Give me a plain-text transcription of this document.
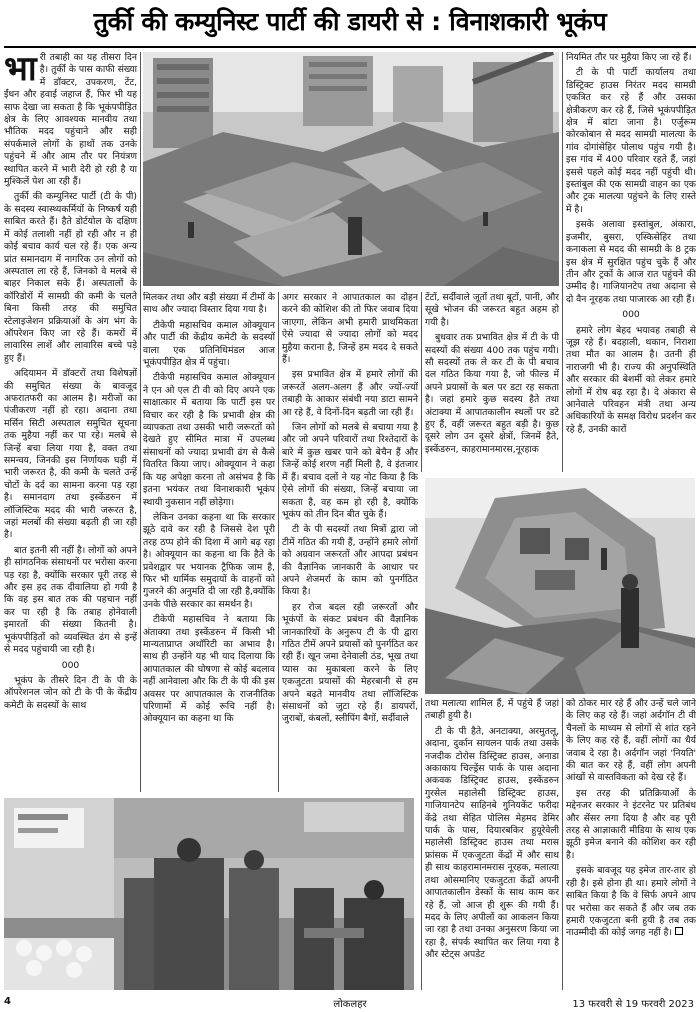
तुर्की की कम्युनिस्ट पार्टी की डायरी से : विनाशकारी भूकंप

भारी तबाही का यह तीसरा दिन है। तुर्की के पास काफी संख्या में डॉक्टर, उपकरण, टेंट, ईंधन और हवाई जहाज हैं, फिर भी यह साफ देखा जा सकता है कि भूकंपपीड़ित क्षेत्र के लिए आवश्यक मानवीय तथा भौतिक मदद पहुंचाने और सही संपर्कमाले लोगों के हाथों तक उनके पहुंचने में और आम तौर पर नियंत्रण स्थापित करने में भारी देरी हो रही है या मुश्किलें पेश आ रही हैं।

तुर्की की कम्युनिस्ट पार्टी (टी के पी) के सदस्य स्वास्थ्यकर्मियों के निष्कर्ष यही साबित करते हैं। हैते डोर्टयोल के दक्षिण में कोई तलाशी नहीं हो रही और न ही कोई बचाव कार्य चल रहे हैं। एक अन्य प्रांत समानदाग में नागरिक उन लोगों को अस्पताल ला रहे हैं, जिनको वे मलबे से बाहर निकाल सके हैं। अस्पतालों के कॉरिडोरों में सामग्री की कमी के चलते बिना किसी तरह की समुचित स्टेलाइजेशन प्रक्रियाओं के अंग भंग के ऑपरेशन किए जा रहे हैं। कमरों में लावारिस लाशें और लावारिस बच्चे पड़े हुए हैं।

अदियामन में डॉक्टरों तथा विशेषज्ञों की समुचित संख्या के बावजूद अफरातफरी का आलम है। मरीजों का पंजीकरण नहीं हो रहा। अदाना तथा मर्सिन सिटी अस्पताल समुचित सूचना तक मुहैया नहीं कर पा रहे। मलबे से जिन्हें बचा लिया गया है, वक्त तथा समन्वय, जिनकी इस निर्णायक घड़ी में भारी जरूरत है, की कमी के चलते उन्हें चोटों के दर्द का सामना करना पड़ रहा है। समानदाग तथा इस्केंडरुन में लॉजिस्टिक मदद की भारी जरूरत है, जहां मलबों की संख्या बढ़ती ही जा रही है।

बात इतनी सी नहीं है। लोगों को अपने ही सांगठनिक संसाधनों पर भरोसा करना पड़ रहा है, क्योंकि सरकार पूरी तरह से और इस हद तक दीवालिया हो गयी है कि वह इस बात तक की पहचान नहीं कर पा रही है कि तबाह होनेवाली इमारतों की संख्या कितनी है। भूकंपपीड़ितों को व्यवस्थित ढंग से इन्हें से मदद पहुंचायी जा रही है।

000

भूकंप के तीसरे दिन टी के पी के ऑपरेशनल जोन को टी के पी के केंद्रीय कमेटी के सदस्यों के साथ

मिलकर तथा और बड़ी संख्या में टीमों के साथ और ज्यादा विस्तार दिया गया है।

टीकेपी महासचिव कमाल ओक्यूयान और पार्टी की केंद्रीय कमेटी के सदस्यों वाला एक प्रतिनिधिमंडल आज भूकंपपीड़ित क्षेत्र में पहुंचा।

टीकेपी महासचिव कमाल ओक्यूयान ने एन ओ एल टी वी को दिए अपने एक साक्षात्कार में बताया कि पार्टी इस पर विचार कर रही है कि प्रभावी क्षेत्र की व्यापकता तथा उसकी भारी जरूरतों को देखते हुए सीमित मात्रा में उपलब्ध संसाधनों को ज्यादा प्रभावी ढंग से कैसे वितरित किया जाए। ओक्यूयान ने कहा कि यह अपेक्षा करना तो असंभव है कि इतना भयंकर तथा विनाशकारी भूकंप स्थायी नुकसान नहीं छोड़ेगा।

लेकिन उनका कहना था कि सरकार झूठे दावे कर रही है जिससे देश पूरी तरह ठप्प होने की दिशा में आगे बढ़ रहा है। ओक्यूयान का कहना था कि हैते के प्रवेशद्वार पर भयानक ट्रैफिक जाम है, फिर भी धार्मिक समुदायों के वाहनों को गुजरने की अनुमति दी जा रही है,क्योंकि उनके पीछे सरकार का समर्थन है।

टीकेपी महासचिव ने बताया कि अंताक्या तथा इस्केंडरुन में किसी भी मान्यताप्राप्त अथॉरिटी का अभाव है। साथ ही उन्होंने यह भी याद दिलाया कि आपातकाल की घोषणा से कोई बदलाव नहीं आनेवाला और कि टी के पी की इस अवसर पर आपातकाल के राजनीतिक परिणामों में कोई रूचि नहीं है। ओक्यूयान का कहना था कि

अगर सरकार ने आपातकाल का दोहन करने की कोशिश की तो फिर जवाब दिया जाएगा, लेकिन अभी हमारी प्राथमिकता ऐसे ज्यादा से ज्यादा लोगों को मदद मुहैया कराना है, जिन्हें हम मदद दे सकते हैं।

इस प्रभावित क्षेत्र में हमारे लोगों की जरूरतें अलग-अलग हैं और ज्यों-ज्यों तबाही के आकार संबंधी नया डाटा सामने आ रहे हैं, वे दिनों-दिन बढ़ती जा रही हैं।

जिन लोगों को मलबे से बचाया गया है और जो अपने परिवारों तथा रिश्तेदारों के बारे में कुछ खबर पाने को बेचैन हैं और जिन्हें कोई शरण नहीं मिली है, वे इंतजार में हैं। बचाव दलों ने यह नोट किया है कि ऐसे लोगों की संख्या, जिन्हें बचाया जा सकता है, वह कम हो रही है, क्योंकि भूकंप को तीन दिन बीत चुके हैं।

टी के पी सदस्यों तथा मित्रों द्वारा जो टीमें गठित की गयी हैं, उन्होंने हमारे लोगों को अग्रवान जरूरतों और आपदा प्रबंधन की वैज्ञानिक जानकारी के आधार पर अपने शेजमर्रा के काम को पुनर्गठित किया है।

हर रोज बदल रही जरूरतों और भूकंपों के संकट प्रबंधन की वैज्ञानिक जानकारियों के अनुरूप टी के पी द्वारा गठित टीमें अपने प्रयासों को पुनर्गठित कर रही हैं। खून जमा देनेवाली ठंड, भूख तथा प्यास का मुकाबला करने के लिए एकजुटता प्रयासों की मेहरबानी से हम अपने बढ़ते मानवीय तथा लॉजिस्टिक संसाधनों को जुटा रहे हैं। डायपरों, जुराबों, कंबलों, स्लीपिंग बैगों, सर्दीवाले

टेंटों, सर्दीवाले जूतों तथा बूटों, पानी, और सूखे भोजन की जरूरत बहुत अहम हो गयी है।

बुधवार तक प्रभावित क्षेत्र में टी के पी सदस्यों की संख्या 400 तक पहुंच गयी। सौ सदस्यों तक ले कर टी के पी बचाव दल गठित किया गया है, जो फील्ड में अपने प्रयासों के बल पर डटा रह सकता है। जहां हमारे कुछ सदस्य हैते तथा अंटाक्या में आपातकालीन स्थलों पर डटे हुए हैं, वहीं जरूरत बहुत बड़ी है। कुछ दूसरे लोग उन दूसरे क्षेत्रों, जिनमें हैते, इस्केंडरुन, काहरामानमारस,नूरहाक

नियमित तौर पर मुहैया किए जा रहे हैं।

टी के पी पार्टी कार्यालय तथा डिस्ट्रिक्ट हाउस निरंतर मदद सामग्री एकत्रित कर रहे हैं और उसका क्षेत्रीकरण कर रहे हैं, जिसे भूकंपपीड़ित क्षेत्र में बांटा जाना है। एर्जुरूम कोरकोबान से मदद सामग्री मालत्या के गांव दोगांसेहिर पोलाथ पहुंच गयी है। इस गांव में 400 परिवार रहते हैं, जहां इससे पहले कोई मदद नहीं पहुंची थी। इस्तांबुल की एक सामग्री वाहन का एक और ट्रक मालत्या पहुंचने के लिए रास्ते में है।

इसके अलावा इस्तांबुल, अंकारा, इजमीर, बुसरा, एस्किसेहिर तथा कनाकला से मदद की सामग्री के 8 ट्रक इस क्षेत्र में सुरक्षित पहुंच चुके हैं और तीन और ट्रकों के आज रात पहुंचने की उम्मीद है। गाजियानटेप तथा अदाना से दो वैन नूरहक तथा पाजारक आ रही हैं।

000

हमारे लोग बेहद भयावह तबाही से जूझ रहे हैं। बदहाली, थकान, निराशा तथा मौत का आलम है। उतनी ही नाराजगी भी है। राज्य की अनुपस्थिति और सरकार की बेशर्मी को लेकर हमारे लोगों में रोष बढ़ रहा है। दे अंकारा से आनेवाले परिवहन मंत्री तथा अन्य अधिकारियों के समक्ष विरोध प्रदर्शन कर रहे हैं, उनकी कारों

को ठोकर मार रहे हैं और उन्हें चले जाने के लिए कह रहे हैं। जहां अर्दगॉन टी वी चैनलों के माध्यम से लोगों से शांत रहने के लिए कह रहे हैं, वहीं लोगों का धैर्य जवाब दे रहा है। अर्दगॉन जहां 'नियति' की बात कर रहे हैं, वहीं लोग अपनी आंखों से वास्तविकता को देख रहे हैं।

इस तरह की प्रतिक्रियाओं के मद्देनजर सरकार ने इंटरनेट पर प्रतिबंध और सेंसर लगा दिया है और वह पूरी तरह से आज्ञाकारी मीडिया के साथ एक झूठी इमेज बनाने की कोशिश कर रही है।

इसके बावजूद यह इमेज तार-तार हो रही है। इसे होना ही था। हमारे लोगों ने साबित किया है कि वे सिर्फ अपने आप पर भरोसा कर सकते हैं और जब तक हमारी एकजुटता बनी हुयी है तब तक नाउम्मीदी की कोई जगह नहीं है।

तथा मलात्या शामिल हैं, में पहुंचे हैं जहां तबाही हुयी है।

टी के पी हैते, अनटाक्या, अरमुतलू, अदाना, दुर्कान सायलन पार्क तथा उसके नजदीक टोरोस डिस्ट्रिक्ट हाउस, अनाडा अकाकाय चिल्ड्रेंस पार्क के पास अदाना अकवक डिस्ट्रिक्ट हाउस, इस्केंडरुन गुरसेल महालेसी डिस्ट्रिक्ट हाउस, गाजियानटेप साहिनबे गुनियकेंट फरीदा केंद्रे तथा सेहित पोलिस मेहमद डेमिर पार्क के पास, दियारबकिर हुयूरेवेली महालेसी डिस्ट्रिक्ट हाउस तथा मरास फ्रांसक में एकजुटता केंद्रों में और साथ ही साथ काहरामानमरास नूरहक, मलात्या तथा ओसमानिए एकजुटता केंद्रों अपनी आपातकालीन डेस्कों के साथ काम कर रहे हैं, जो आज ही शुरू की गयी हैं। मदद के लिए अपीलों का आकलन किया जा रहा है तथा उनका अनुसरण किया जा रहा है, संपर्क स्थापित कर लिया गया है और स्टेट्स अपडेट

4	लोकलहर	13 फरवरी से 19 फरवरी 2023
